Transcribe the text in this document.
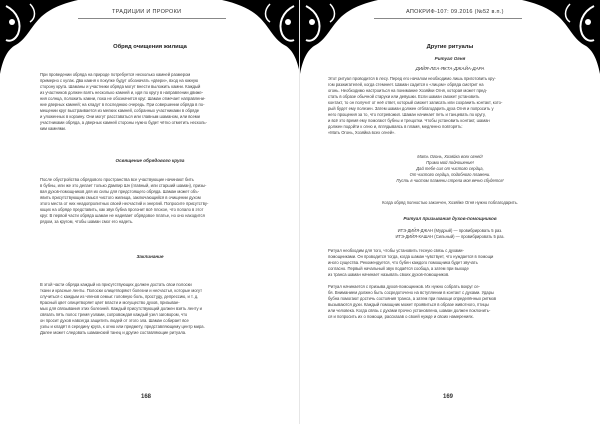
ТРАДИЦИИ И ПРОРОКИ
Обряд очищения жилища
При проведении обряда на природе потребуется несколько камней размером
примерно с кулак. Два камня к покупке будут обозначать «двери», вход на южную
сторону круга. Шаманы и участники обряда могут внести выложить камни. Каждый
из участников должен взять несколько камней и, идя по кругу в направлении движе-
ния солнца, положить камни, пока не обозначится круг. Шаман отмечает направлени-
ние дверных камней; на кладут в последнюю очередь. При совершении обряда в по-
мещении круг выстраивается из мелких камней, собранных участниками в обряде
и уложенных в корзину. Они могут расставаться или главным шаманом, или всеми
участниками обряда, а дверных камней стороны нужно будет чётко отметить несколь-
ким камнями.
Освящение обрядового круга
После обустройства обрядового пространства все участвующие начинают бить
в бубны, или же это делает только Дампир Шн (главный, или старший шаман), призы-
вая духов-помощников для их силы для предстоящего обряда. Шаман может объ-
явить присутствующим смысл чистого жилища, заключающийся в очищении духом
этого места от них неадопролитных своей несчастий и энергий. Попросите присутству-
ющих на обряде представить, как звук бубна прогонит всё плохое, что попало в этот
круг. В первой части обряда шаман не надевает обрядовое платье, но оно находится
рядом, за кругом, чтобы шаман смог его надеть.
Заклинание
В этой части обряда каждый из присутствующих должен достать свои полоски
ткани и красные ленты. Полоски олицетворяют болезни и несчастья, которые могут
случиться с каждым из членов семьи: головную боль, простуду, депрессию, и т. д.
Красный цвет олицетворяет цвет власти и могущество духов, призывае-
мых для связывания этих болезней. Каждый присутствующий должен взять ленту и
связать пять полос тремя узлами, сопровождая каждый узел заговором, что
он просит духов навсегда защитить людей от этого зла. Шаман собирает все
узлы и кладёт в середину круга, к огню или предмету, представляющему центр мира.
Далее может следовать шаманский танец и другие составляющие ритуала.
168
АПОКРИФ-107: 09.2016 (№52 в.п.)
Другие ритуалы
Ритуал Огня
ДИЙЯ-ЛЕА-ЯКТА-ДЖАЙА-ДАРА
Этот ритуал проводится в лесу. Перед его началом необходимо лишь приготовить кру-
гом разжигателей, когда стемнеет. Шаман садится к «лицом» обряда смотрит на
огонь. Необходимо настроиться на понимание Хозяйки Огня, которая может пред-
стать в образе обычной старухи или девушки. Если шаман сможет установить
контакт, то он получит от неё ответ, который сможет записать или сохранить контакт, кото-
рый будет ему полезен. Затем шаман должен отблагодарить духа Огня и попросить у
него прощения за то, что потревожил. Шаман начинает петь и танцевать по кругу,
и всё это время ему помогают бубны и трещотки. Чтобы установить контакт, шаман
должен подойти к огню и, вглядываясь в пламя, медленно повторять:
«Мать Огонь, Хозяйка всех огней».
Мать Огонь, Хозяйка всех огней!
Прими мой подношение!
Дай тебе сил от чистого сердца,
От чистого сердца, подобного пламени.
Пусть в чистом пламени стрела моя вечно сбудется!
Когда обряд полностью закончен, Хозяйке Огня нужно поблагодарить.
Ритуал призывания духов-помощников
ИТЭ-ДИЙЯ-ДЖАН (Мудрый) — провибрировать 5 раз.
ИТЭ-ДИЙЯ-КАШАН (Сильный) — провибрировать 5 раз.
Ритуал необходим для того, чтобы установить тесную связь с духами-
помощниками. Он проводится тогда, когда шаман чувствует, что нуждается в помощи
иного существа. Рекомендуется, что бубен каждого помощника будет звучать
согласно. Первый начальный звук подаётся сообща, а затем при выходе
из транса шаман начинает называть своих духов-помощников.
Ритуал начинается с призыва духов-помощников. Их нужно собрать вокруг се-
бя. Вниманием должно быть сосредоточено на вступлении в контакт с духами. Удары
бубна помогают достичь состояния транса, а затем при помощи определённых ритмов
вызываются духи. Каждый помощник может проявиться в образе животного, птицы
или человека. Когда связь с духами прочно установлена, шаман должен поклонить-
ся и попросить их о помощи, рассказав о своей нужде и своих намерениях.
169
